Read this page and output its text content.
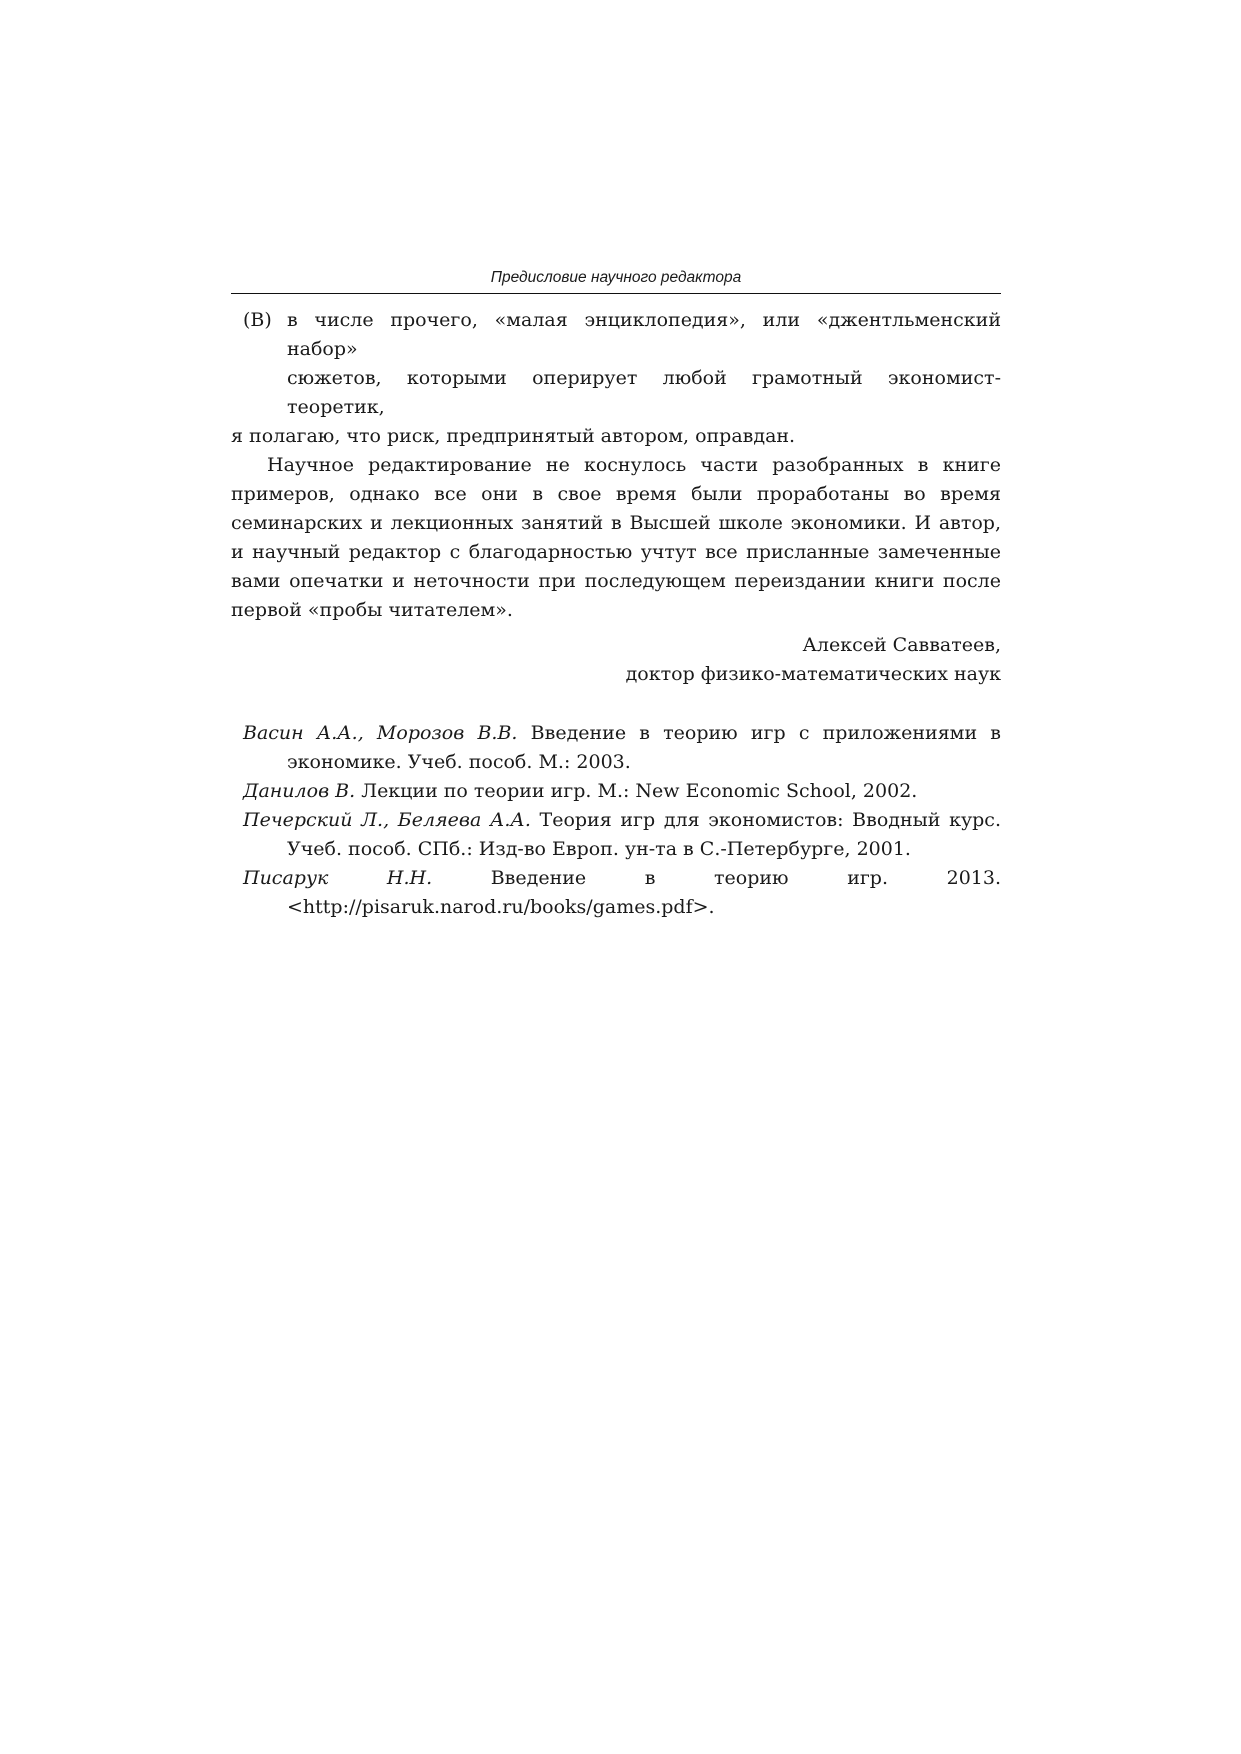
Предисловие научного редактора
(В) в числе прочего, «малая энциклопедия», или «джентльменский набор»
сюжетов, которыми оперирует любой грамотный экономист-теоретик,
я полагаю, что риск, предпринятый автором, оправдан.

Научное редактирование не коснулось части разобранных в книге примеров, однако все они в свое время были проработаны во время семинарских и лекционных занятий в Высшей школе экономики. И автор, и научный редактор с благодарностью учтут все присланные замеченные вами опечатки и неточности при последующем переиздании книги после первой «пробы читателем».

Алексей Савватеев,
доктор физико-математических наук
Васин А.А., Морозов В.В. Введение в теорию игр с приложениями в экономике. Учеб. пособ. М.: 2003.
Данилов В. Лекции по теории игр. М.: New Economic School, 2002.
Печерский Л., Беляева А.А. Теория игр для экономистов: Вводный курс. Учеб. пособ. СПб.: Изд-во Европ. ун-та в С.-Петербурге, 2001.
Писарук Н.Н. Введение в теорию игр. 2013. <http://pisaruk.narod.ru/books/games.pdf>.
